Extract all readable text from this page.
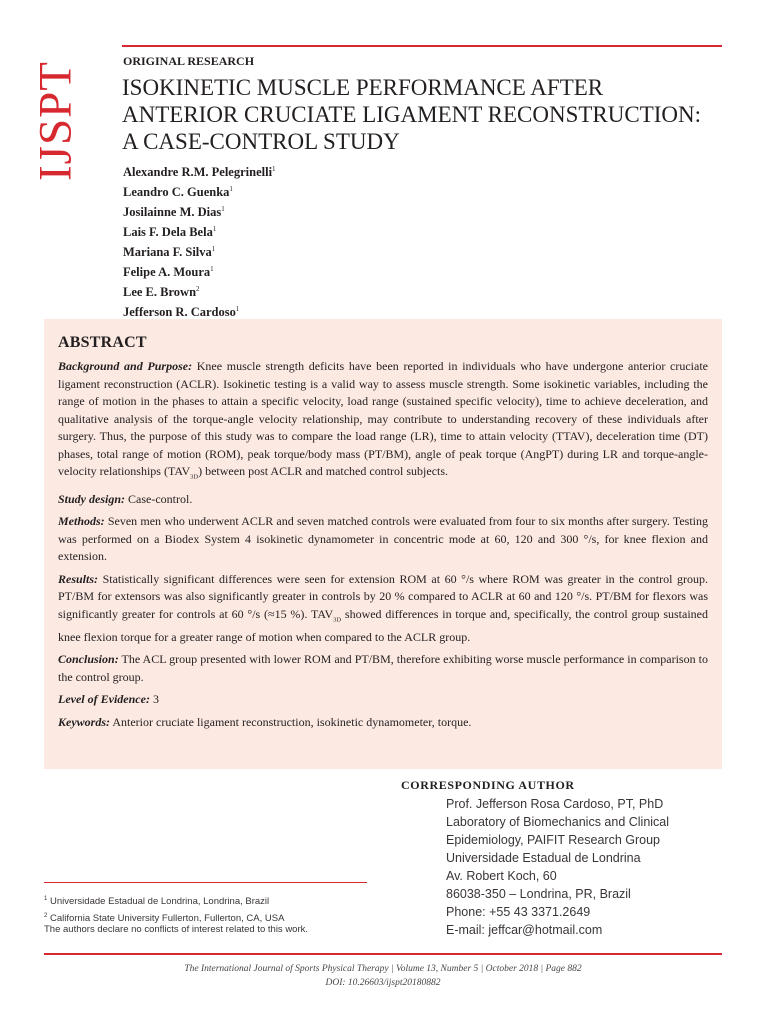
IJSPT
ORIGINAL RESEARCH
ISOKINETIC MUSCLE PERFORMANCE AFTER
ANTERIOR CRUCIATE LIGAMENT RECONSTRUCTION:
A CASE-CONTROL STUDY
Alexandre R.M. Pelegrinelli$^1$
Leandro C. Guenka$^1$
Josilainne M. Dias$^1$
Lais F. Dela Bela$^1$
Mariana F. Silva$^1$
Felipe A. Moura$^1$
Lee E. Brown$^2$
Jefferson R. Cardoso$^1$
ABSTRACT

Background and Purpose: Knee muscle strength deficits have been reported in individuals who have undergone anterior cruciate ligament reconstruction (ACLR). Isokinetic testing is a valid way to assess muscle strength. Some isokinetic variables, including the range of motion in the phases to attain a specific velocity, load range (sustained specific velocity), time to achieve deceleration, and qualitative analysis of the torque-angle velocity relationship, may contribute to understanding recovery of these individuals after surgery. Thus, the purpose of this study was to compare the load range (LR), time to attain velocity (TTAV), deceleration time (DT) phases, total range of motion (ROM), peak torque/body mass (PT/BM), angle of peak torque (AngPT) during LR and torque-angle-velocity relationships $(TAV_{3D})$ between post ACLR and matched control subjects.

Study design: Case-control.

Methods: Seven men who underwent ACLR and seven matched controls were evaluated from four to six months after surgery. Testing was performed on a Biodex System 4 isokinetic dynamometer in concentric mode at 60, 120 and 300 °/s, for knee flexion and extension.

Results: Statistically significant differences were seen for extension ROM at 60 °/s where ROM was greater in the control group. PT/BM for extensors was also significantly greater in controls by 20 % compared to ACLR at 60 and 120 °/s. PT/BM for flexors was significantly greater for controls at 60 °/s (≈15 %). $TAV_{3D}$ showed differences in torque and, specifically, the control group sustained knee flexion torque for a greater range of motion when compared to the ACLR group.

Conclusion: The ACL group presented with lower ROM and PT/BM, therefore exhibiting worse muscle performance in comparison to the control group.

Level of Evidence: 3

Keywords: Anterior cruciate ligament reconstruction, isokinetic dynamometer, torque.

CORRESPONDING AUTHOR
Prof. Jefferson Rosa Cardoso, PT, PhD
Laboratory of Biomechanics and Clinical
Epidemiology, PAIFIT Research Group
Universidade Estadual de Londrina
Av. Robert Koch, 60
86038-350 – Londrina, PR, Brazil
Phone: +55 43 3371.2649
E-mail: jeffcar@hotmail.com
$^1$ Universidade Estadual de Londrina, Londrina, Brazil
$^2$ California State University Fullerton, Fullerton, CA, USA
The authors declare no conflicts of interest related to this work.
The International Journal of Sports Physical Therapy | Volume 13, Number 5 | October 2018 | Page 882
DOI: 10.26603/ijspt20180882
